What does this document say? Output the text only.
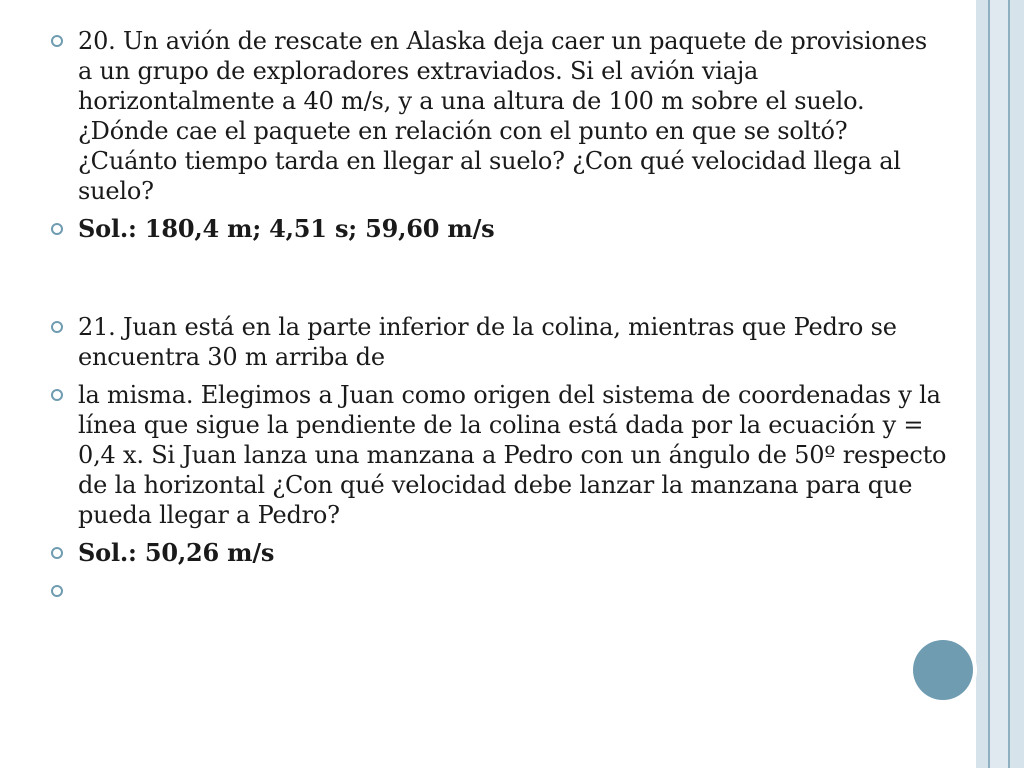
20. Un avión de rescate en Alaska deja caer un paquete de provisiones a un grupo de exploradores extraviados. Si el avión viaja horizontalmente a 40 m/s, y a una altura de 100 m sobre el suelo. ¿Dónde cae el paquete en relación con el punto en que se soltó? ¿Cuánto tiempo tarda en llegar al suelo? ¿Con qué velocidad llega al suelo?
Sol.: 180,4 m; 4,51 s; 59,60 m/s
21. Juan está en la parte inferior de la colina, mientras que Pedro se encuentra 30 m arriba de
la misma. Elegimos a Juan como origen del sistema de coordenadas y la línea que sigue la pendiente de la colina está dada por la ecuación y = 0,4 x. Si Juan lanza una manzana a Pedro con un ángulo de 50º respecto de la horizontal ¿Con qué velocidad debe lanzar la manzana para que pueda llegar a Pedro?
Sol.: 50,26 m/s
